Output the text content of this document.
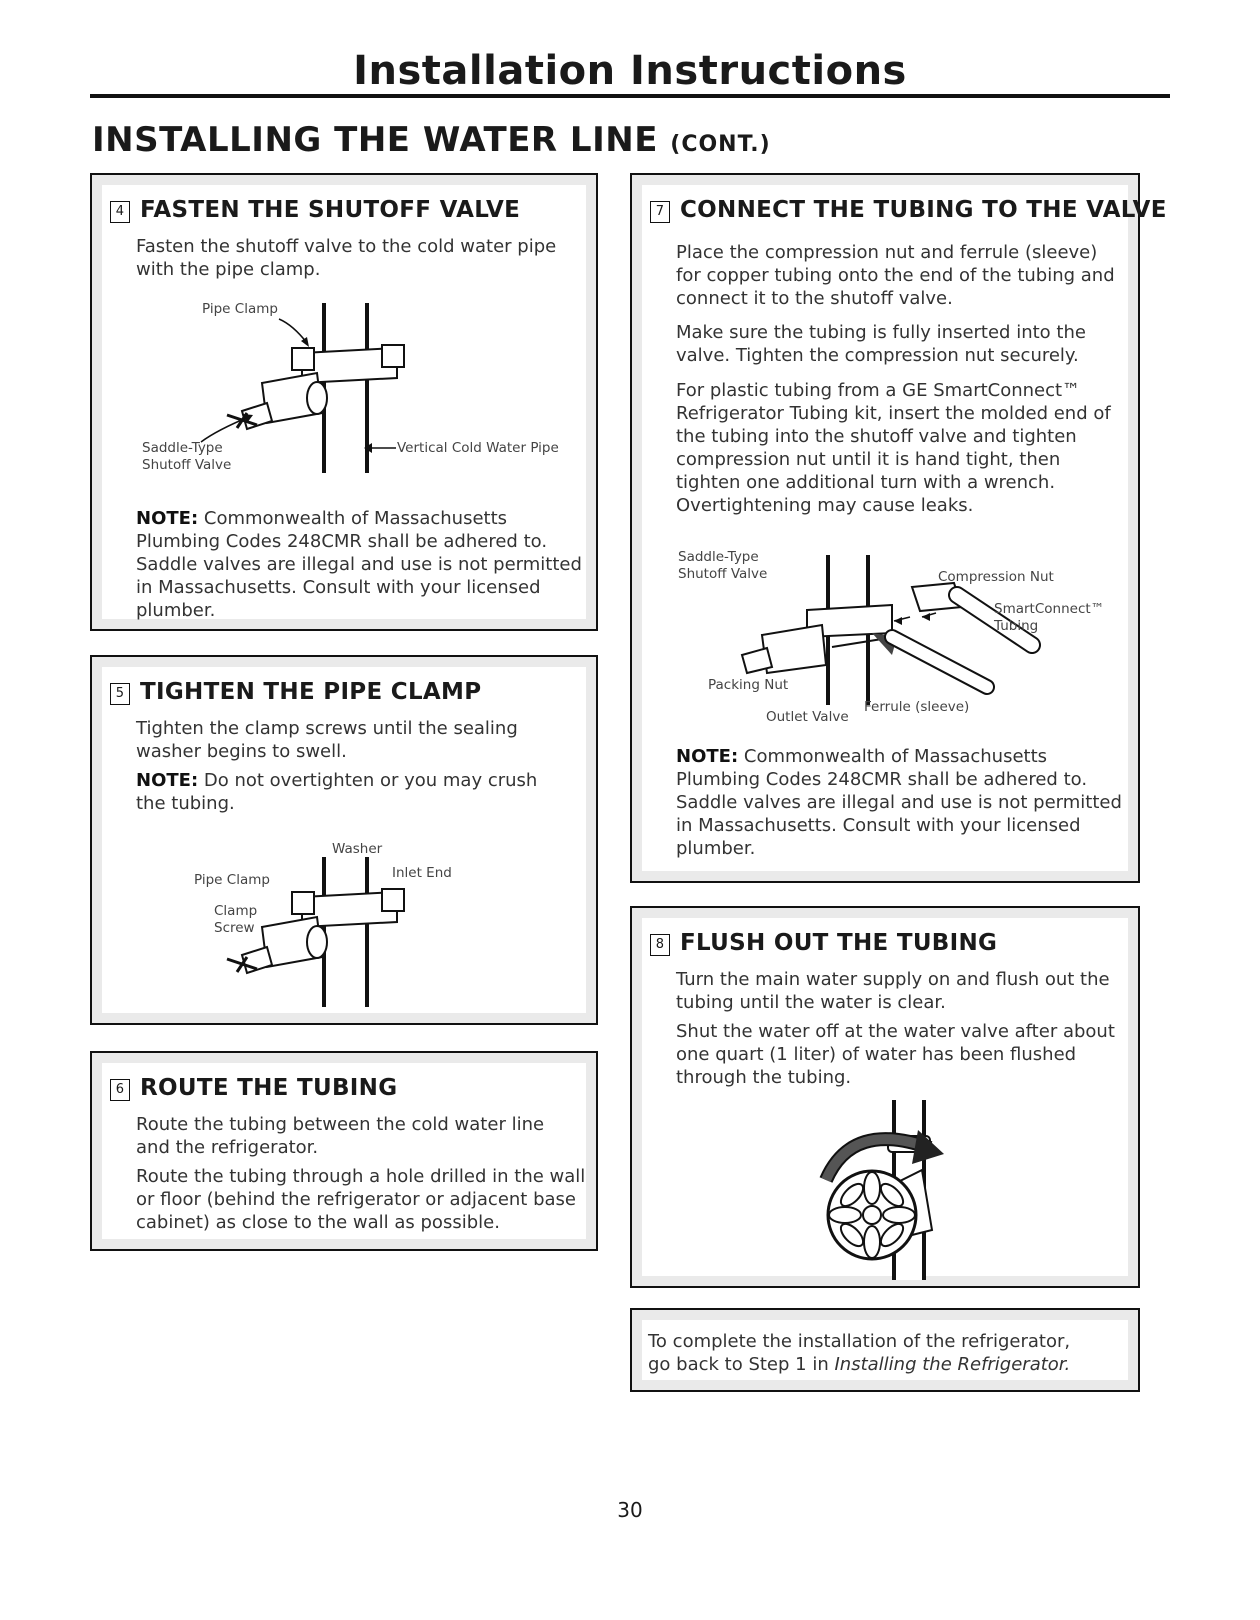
Installation Instructions
INSTALLING THE WATER LINE (CONT.)
4 FASTEN THE SHUTOFF VALVE
Fasten the shutoff valve to the cold water pipe with the pipe clamp.
Pipe Clamp
Saddle-Type
Shutoff Valve
Vertical Cold Water Pipe
NOTE: Commonwealth of Massachusetts Plumbing Codes 248CMR shall be adhered to. Saddle valves are illegal and use is not permitted in Massachusetts. Consult with your licensed plumber.
5 TIGHTEN THE PIPE CLAMP
Tighten the clamp screws until the sealing washer begins to swell.
NOTE: Do not overtighten or you may crush the tubing.
Washer
Pipe Clamp	Inlet End
Clamp
Screw
6 ROUTE THE TUBING
Route the tubing between the cold water line and the refrigerator.
Route the tubing through a hole drilled in the wall or floor (behind the refrigerator or adjacent base cabinet) as close to the wall as possible.
7 CONNECT THE TUBING TO THE VALVE
Place the compression nut and ferrule (sleeve) for copper tubing onto the end of the tubing and connect it to the shutoff valve.
Make sure the tubing is fully inserted into the valve. Tighten the compression nut securely.
For plastic tubing from a GE SmartConnect™ Refrigerator Tubing kit, insert the molded end of the tubing into the shutoff valve and tighten compression nut until it is hand tight, then tighten one additional turn with a wrench. Overtightening may cause leaks.
Saddle-Type
Shutoff Valve	Compression Nut
SmartConnect™
Tubing
Packing Nut
Outlet Valve
Ferrule (sleeve)
NOTE: Commonwealth of Massachusetts Plumbing Codes 248CMR shall be adhered to. Saddle valves are illegal and use is not permitted in Massachusetts. Consult with your licensed plumber.
8 FLUSH OUT THE TUBING
Turn the main water supply on and flush out the tubing until the water is clear.
Shut the water off at the water valve after about one quart (1 liter) of water has been flushed through the tubing.
To complete the installation of the refrigerator, go back to Step 1 in Installing the Refrigerator.
30
